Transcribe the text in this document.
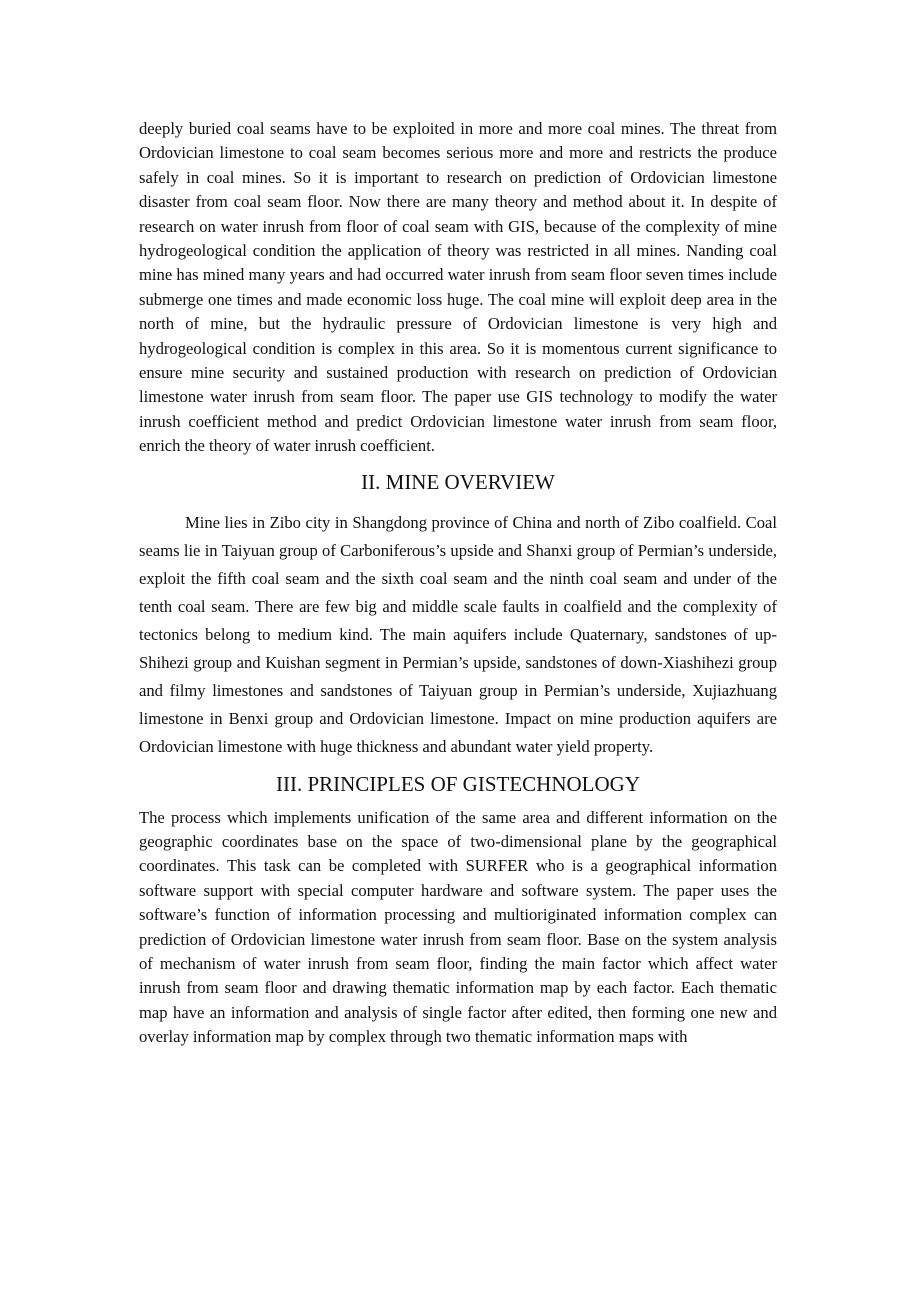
deeply buried coal seams have to be exploited in more and more coal mines. The threat from Ordovician limestone to coal seam becomes serious more and more and restricts the produce safely in coal mines. So it is important to research on prediction of Ordovician limestone disaster from coal seam floor. Now there are many theory and method about it. In despite of research on water inrush from floor of coal seam with GIS, because of the complexity of mine hydrogeological condition the application of theory was restricted in all mines. Nanding coal mine has mined many years and had occurred water inrush from seam floor seven times include submerge one times and made economic loss huge. The coal mine will exploit deep area in the north of mine, but the hydraulic pressure of Ordovician limestone is very high and hydrogeological condition is complex in this area. So it is momentous current significance to ensure mine security and sustained production with research on prediction of Ordovician limestone water inrush from seam floor. The paper use GIS technology to modify the water inrush coefficient method and predict Ordovician limestone water inrush from seam floor, enrich the theory of water inrush coefficient.

II. MINE OVERVIEW

Mine lies in Zibo city in Shangdong province of China and north of Zibo coalfield. Coal seams lie in Taiyuan group of Carboniferous’s upside and Shanxi group of Permian’s underside, exploit the fifth coal seam and the sixth coal seam and the ninth coal seam and under of the tenth coal seam. There are few big and middle scale faults in coalfield and the complexity of tectonics belong to medium kind. The main aquifers include Quaternary, sandstones of up-Shihezi group and Kuishan segment in Permian’s upside, sandstones of down-Xiashihezi group and filmy limestones and sandstones of Taiyuan group in Permian’s underside, Xujiazhuang limestone in Benxi group and Ordovician limestone. Impact on mine production aquifers are Ordovician limestone with huge thickness and abundant water yield property.

III. PRINCIPLES OF GISTECHNOLOGY

The process which implements unification of the same area and different information on the geographic coordinates base on the space of two-dimensional plane by the geographical coordinates. This task can be completed with SURFER who is a geographical information software support with special computer hardware and software system. The paper uses the software’s function of information processing and multioriginated information complex can prediction of Ordovician limestone water inrush from seam floor. Base on the system analysis of mechanism of water inrush from seam floor, finding the main factor which affect water inrush from seam floor and drawing thematic information map by each factor. Each thematic map have an information and analysis of single factor after edited, then forming one new and overlay information map by complex through two thematic information maps with
